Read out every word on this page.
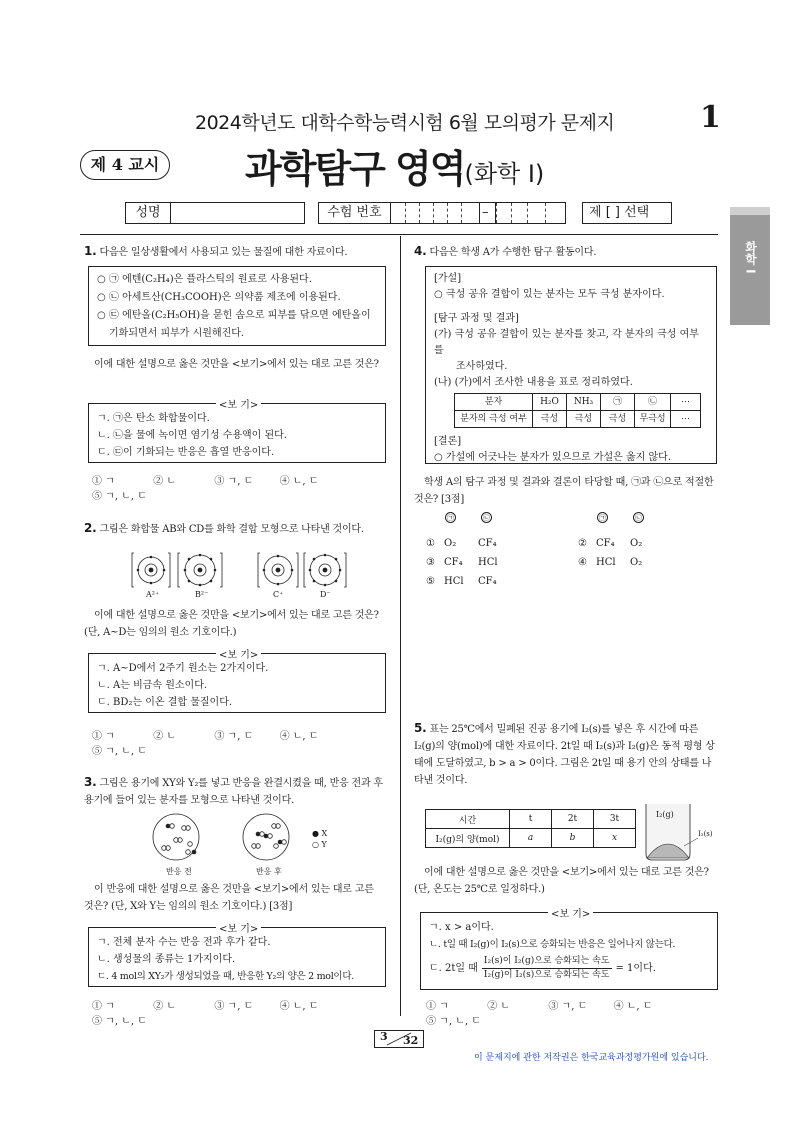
2024학년도 대학수학능력시험 6월 모의평가 문제지	1
제 4 교시 과학탐구 영역(화학 I)
성명	수험 번호	–	제 [ ] 선택
화학 I
1. 다음은 일상생활에서 사용되고 있는 물질에 대한 자료이다.
○ ㉠ 에텐(C₂H₄)은 플라스틱의 원료로 사용된다.
○ ㉡ 아세트산(CH₃COOH)은 의약품 제조에 이용된다.
○ ㉢ 에탄올(C₂H₅OH)을 묻힌 솜으로 피부를 닦으면 에탄올이
기화되면서 피부가 시원해진다.
이에 대한 설명으로 옳은 것만을 <보기>에서 있는 대로 고른 것은?
ㄱ. ㉠은 탄소 화합물이다.
ㄴ. ㉡을 물에 녹이면 염기성 수용액이 된다.
ㄷ. ㉢이 기화되는 반응은 흡열 반응이다.
<보 기>
① ㄱ	② ㄴ	③ ㄱ, ㄷ	④ ㄴ, ㄷ ⑤ ㄱ, ㄴ, ㄷ
2. 그림은 화합물 AB와 CD를 화학 결합 모형으로 나타낸 것이다.
A²⁺	B²⁻	C⁺	D⁻
이에 대한 설명으로 옳은 것만을 <보기>에서 있는 대로 고른 것은? (단, A~D는 임의의 원소 기호이다.)
ㄱ. A~D에서 2주기 원소는 2가지이다.
ㄴ. A는 비금속 원소이다.
ㄷ. BD₂는 이온 결합 물질이다.
<보 기>
① ㄱ	② ㄴ	③ ㄱ, ㄷ	④ ㄴ, ㄷ ⑤ ㄱ, ㄴ, ㄷ
3. 그림은 용기에 XY와 Y₂를 넣고 반응을 완결시켰을 때, 반응 전과 후 용기에 들어 있는 분자를 모형으로 나타낸 것이다.
반응 전	반응 후
● X
○ Y
이 반응에 대한 설명으로 옳은 것만을 <보기>에서 있는 대로 고른 것은? (단, X와 Y는 임의의 원소 기호이다.) [3점]
ㄱ. 전체 분자 수는 반응 전과 후가 같다.
ㄴ. 생성물의 종류는 1가지이다.
ㄷ. 4 mol의 XY₂가 생성되었을 때, 반응한 Y₂의 양은 2 mol이다.
<보 기>
① ㄱ	② ㄴ	③ ㄱ, ㄷ	④ ㄴ, ㄷ ⑤ ㄱ, ㄴ, ㄷ
4. 다음은 학생 A가 수행한 탐구 활동이다.
[가설]
○ 극성 공유 결합이 있는 분자는 모두 극성 분자이다.
[탐구 과정 및 결과]
(가) 극성 공유 결합이 있는 분자를 찾고, 각 분자의 극성 여부를
조사하였다.
(나) (가)에서 조사한 내용을 표로 정리하였다.
분자	H₂O	NH₃	㉠	㉡	⋯
분자의 극성 여부	극성	극성	극성	무극성	⋯
[결론]
○ 가설에 어긋나는 분자가 있으므로 가설은 옳지 않다.
학생 A의 탐구 과정 및 결과와 결론이 타당할 때, ㉠과 ㉡으로 적절한 것은? [3점]
㉠	㉡	㉠	㉡
① O₂ CF₄
③ CF₄ HCl
⑤ HCl CF₄
② CF₄ O₂
④ HCl O₂
5. 표는 25℃에서 밀폐된 진공 용기에 I₂(s)를 넣은 후 시간에 따른 I₂(g)의 양(mol)에 대한 자료이다. 2t일 때 I₂(s)과 I₂(g)은 동적 평형 상태에 도달하였고, b > a > 0이다. 그림은 2t일 때 용기 안의 상태를 나타낸 것이다.
시간	t	2t	3t
I₂(g)의 양(mol)	a	b	x
I₂(g)
I₂(s)
이에 대한 설명으로 옳은 것만을 <보기>에서 있는 대로 고른 것은? (단, 온도는 25℃로 일정하다.)
ㄱ. x > a이다.
ㄴ. t일 때 I₂(g)이 I₂(s)으로 승화되는 반응은 일어나지 않는다.
ㄷ. 2t일 때
I₂(s)이 I₂(g)으로 승화되는 속도
I₂(g)이 I₂(s)으로 승화되는 속도
= 1이다.
<보 기>
① ㄱ	② ㄴ	③ ㄱ, ㄷ	④ ㄴ, ㄷ ⑤ ㄱ, ㄴ, ㄷ
3 32
이 문제지에 관한 저작권은 한국교육과정평가원에 있습니다.
